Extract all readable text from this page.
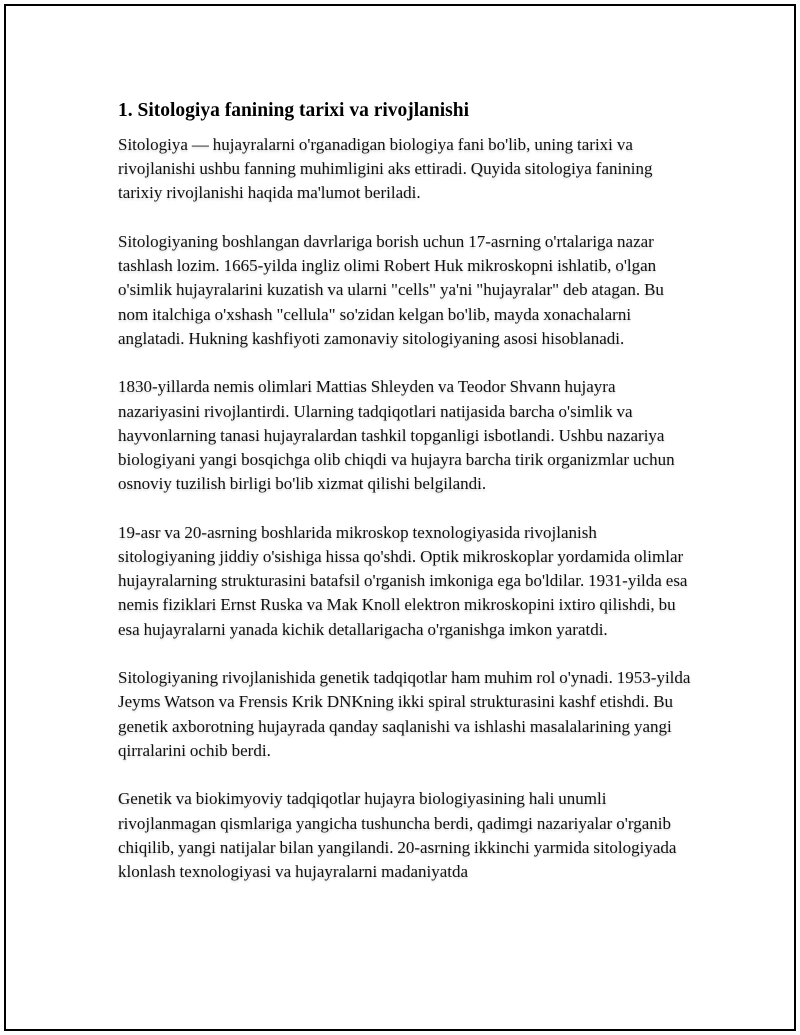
1. Sitologiya fanining tarixi va rivojlanishi

Sitologiya — hujayralarni o'rganadigan biologiya fani bo'lib, uning tarixi va rivojlanishi ushbu fanning muhimligini aks ettiradi. Quyida sitologiya fanining tarixiy rivojlanishi haqida ma'lumot beriladi.

Sitologiyaning boshlangan davrlariga borish uchun 17-asrning o'rtalariga nazar tashlash lozim. 1665-yilda ingliz olimi Robert Huk mikroskopni ishlatib, o'lgan o'simlik hujayralarini kuzatish va ularni "cells" ya'ni "hujayralar" deb atagan. Bu nom italchiga o'xshash "cellula" so'zidan kelgan bo'lib, mayda xonachalarni anglatadi. Hukning kashfiyoti zamonaviy sitologiyaning asosi hisoblanadi.

1830-yillarda nemis olimlari Mattias Shleyden va Teodor Shvann hujayra nazariyasini rivojlantirdi. Ularning tadqiqotlari natijasida barcha o'simlik va hayvonlarning tanasi hujayralardan tashkil topganligi isbotlandi. Ushbu nazariya biologiyani yangi bosqichga olib chiqdi va hujayra barcha tirik organizmlar uchun osnoviy tuzilish birligi bo'lib xizmat qilishi belgilandi.

19-asr va 20-asrning boshlarida mikroskop texnologiyasida rivojlanish sitologiyaning jiddiy o'sishiga hissa qo'shdi. Optik mikroskoplar yordamida olimlar hujayralarning strukturasini batafsil o'rganish imkoniga ega bo'ldilar. 1931-yilda esa nemis fiziklari Ernst Ruska va Mak Knoll elektron mikroskopini ixtiro qilishdi, bu esa hujayralarni yanada kichik detallarigacha o'rganishga imkon yaratdi.

Sitologiyaning rivojlanishida genetik tadqiqotlar ham muhim rol o'ynadi. 1953-yilda Jeyms Watson va Frensis Krik DNKning ikki spiral strukturasini kashf etishdi. Bu genetik axborotning hujayrada qanday saqlanishi va ishlashi masalalarining yangi qirralarini ochib berdi.

Genetik va biokimyoviy tadqiqotlar hujayra biologiyasining hali unumli rivojlanmagan qismlariga yangicha tushuncha berdi, qadimgi nazariyalar o'rganib chiqilib, yangi natijalar bilan yangilandi. 20-asrning ikkinchi yarmida sitologiyada klonlash texnologiyasi va hujayralarni madaniyatda
